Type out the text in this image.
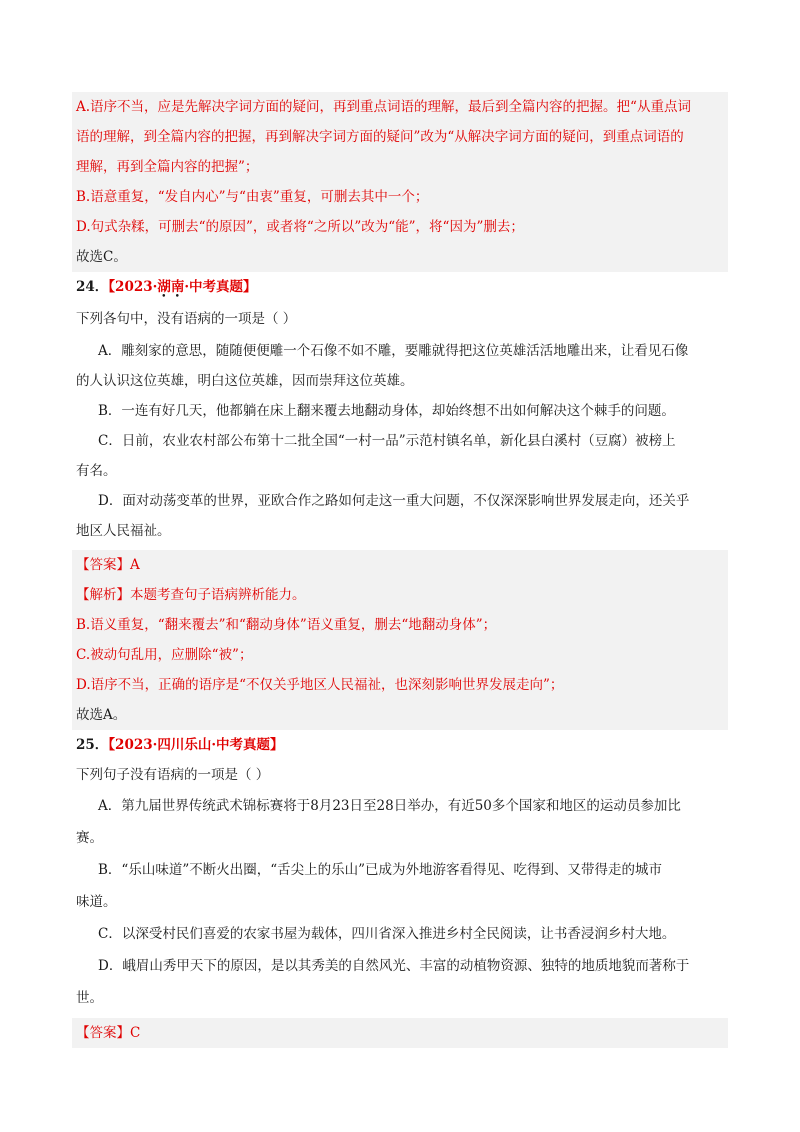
A.语序不当，应是先解决字词方面的疑问，再到重点词语的理解，最后到全篇内容的把握。把“从重点词
语的理解，到全篇内容的把握，再到解决字词方面的疑问”改为“从解决字词方面的疑问，到重点词语的
理解，再到全篇内容的把握”；
B.语意重复，“发自内心”与“由衷”重复，可删去其中一个；
D.句式杂糅，可删去“的原因”，或者将“之所以”改为“能”，将“因为”删去；
故选C。
24．【2023·湖南·中考真题】
下列各句中，没有语病的一项是（ ）
A．雕刻家的意思，随随便便雕一个石像不如不雕，要雕就得把这位英雄活活地雕出来，让看见石像
的人认识这位英雄，明白这位英雄，因而崇拜这位英雄。
B．一连有好几天，他都躺在床上翻来覆去地翻动身体，却始终想不出如何解决这个棘手的问题。
C．日前，农业农村部公布第十二批全国“一村一品”示范村镇名单，新化县白溪村（豆腐）被榜上
有名。
D．面对动荡变革的世界，亚欧合作之路如何走这一重大问题，不仅深深影响世界发展走向，还关乎
地区人民福祉。
【答案】A
【解析】本题考查句子语病辨析能力。
B.语义重复，“翻来覆去”和“翻动身体”语义重复，删去“地翻动身体”；
C.被动句乱用，应删除“被”；
D.语序不当，正确的语序是“不仅关乎地区人民福祉，也深刻影响世界发展走向”；
故选A。
25．【2023·四川乐山·中考真题】
下列句子没有语病的一项是（ ）
A．第九届世界传统武术锦标赛将于8月23日至28日举办，有近50多个国家和地区的运动员参加比
赛。
B．“乐山味道”不断火出圈，“舌尖上的乐山”已成为外地游客看得见、吃得到、又带得走的城市
味道。
C．以深受村民们喜爱的农家书屋为载体，四川省深入推进乡村全民阅读，让书香浸润乡村大地。
D．峨眉山秀甲天下的原因，是以其秀美的自然风光、丰富的动植物资源、独特的地质地貌而著称于
世。
【答案】C
